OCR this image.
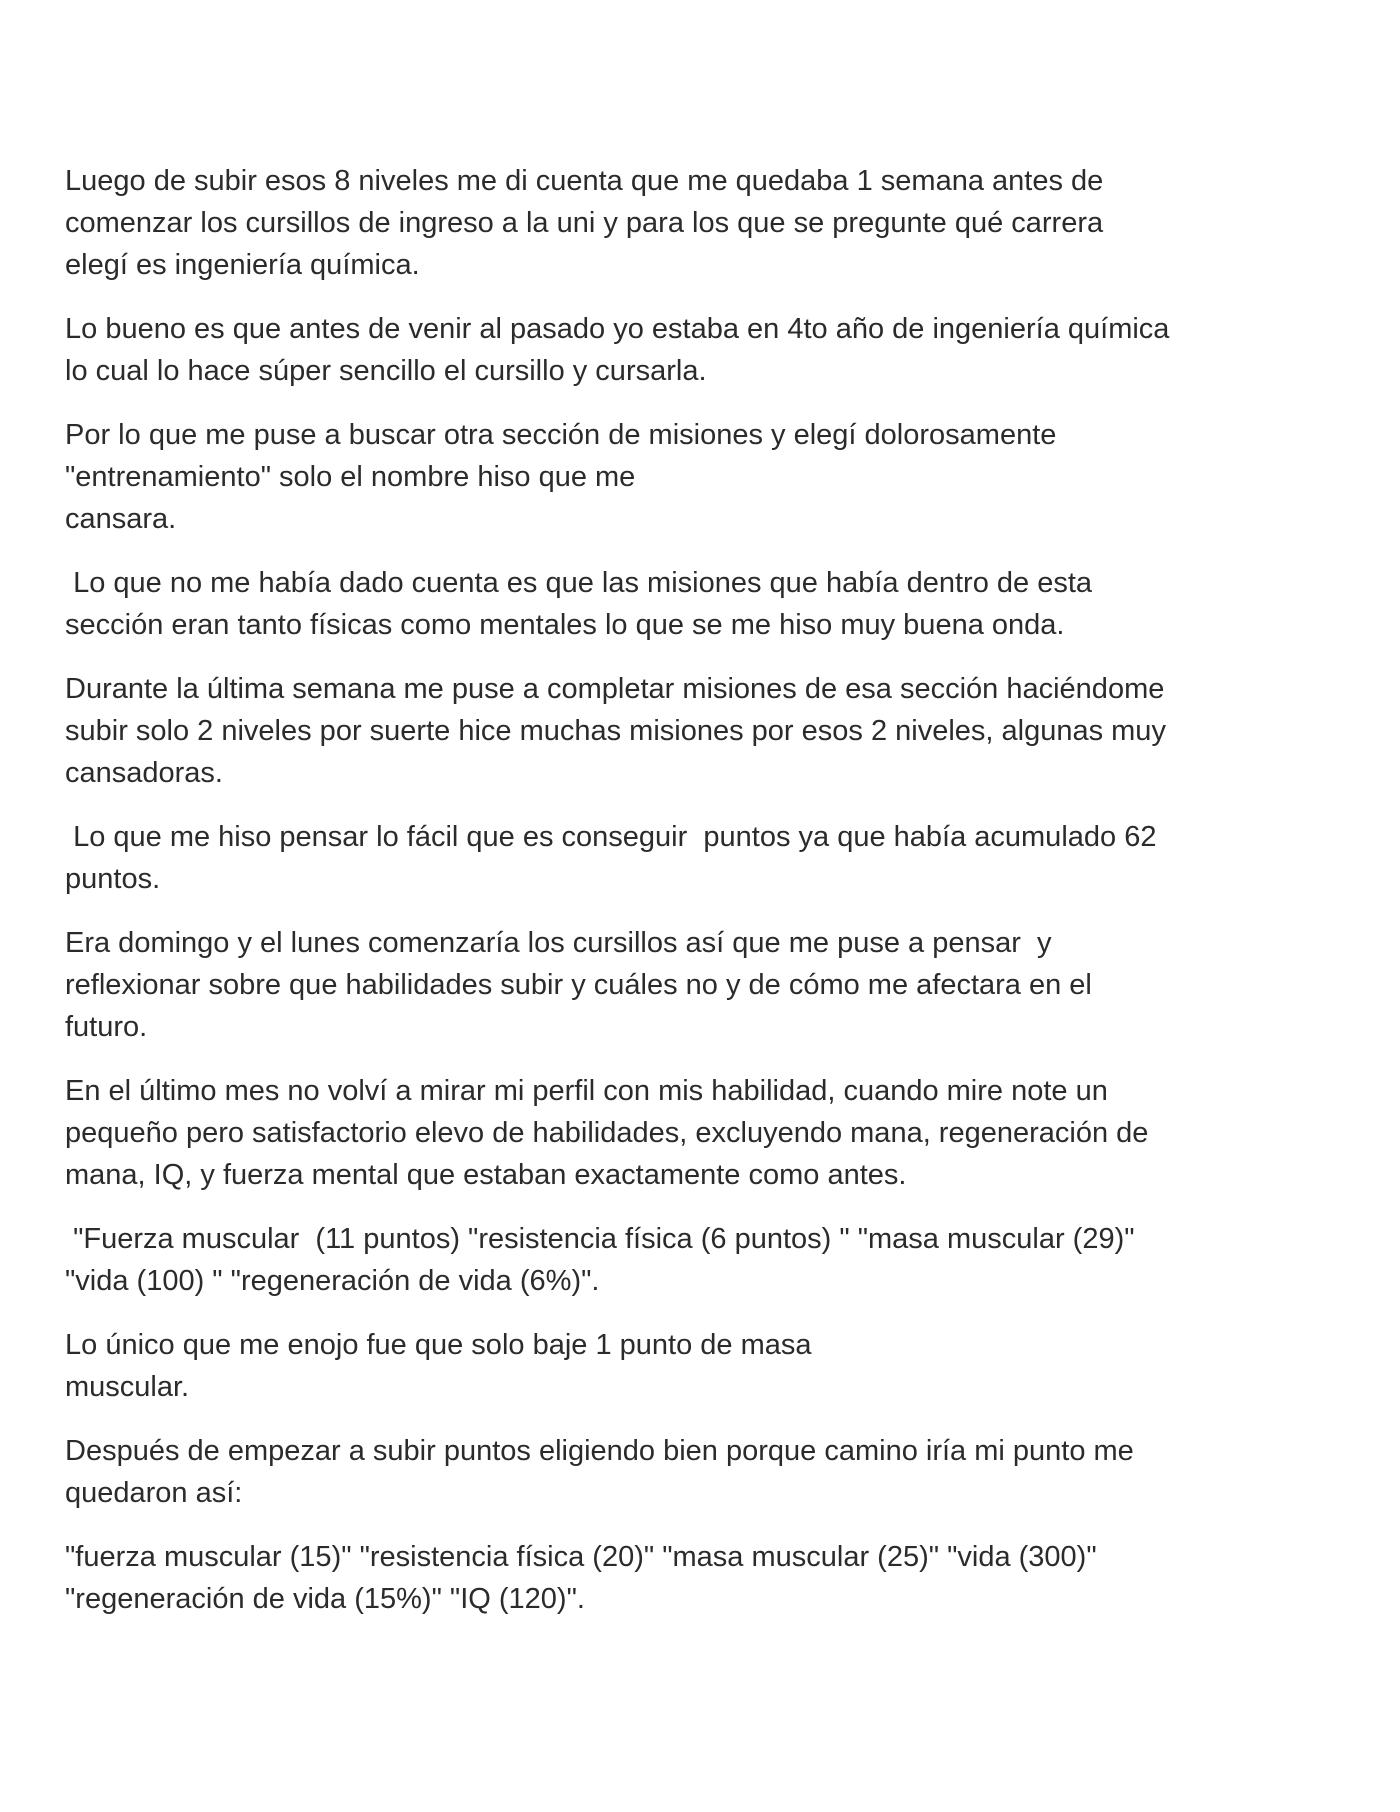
Luego de subir esos 8 niveles me di cuenta que me quedaba 1 semana antes de
comenzar los cursillos de ingreso a la uni y para los que se pregunte qué carrera
elegí es ingeniería química.

Lo bueno es que antes de venir al pasado yo estaba en 4to año de ingeniería química
lo cual lo hace súper sencillo el cursillo y cursarla.

Por lo que me puse a buscar otra sección de misiones y elegí dolorosamente
"entrenamiento" solo el nombre hiso que me
cansara.

Lo que no me había dado cuenta es que las misiones que había dentro de esta
sección eran tanto físicas como mentales lo que se me hiso muy buena onda.

Durante la última semana me puse a completar misiones de esa sección haciéndome
subir solo 2 niveles por suerte hice muchas misiones por esos 2 niveles, algunas muy
cansadoras.

Lo que me hiso pensar lo fácil que es conseguir  puntos ya que había acumulado 62
puntos.

Era domingo y el lunes comenzaría los cursillos así que me puse a pensar  y
reflexionar sobre que habilidades subir y cuáles no y de cómo me afectara en el
futuro.

En el último mes no volví a mirar mi perfil con mis habilidad, cuando mire note un
pequeño pero satisfactorio elevo de habilidades, excluyendo mana, regeneración de
mana, IQ, y fuerza mental que estaban exactamente como antes.

"Fuerza muscular  (11 puntos) "resistencia física (6 puntos) " "masa muscular (29)"
"vida (100) " "regeneración de vida (6%)".

Lo único que me enojo fue que solo baje 1 punto de masa
muscular.

Después de empezar a subir puntos eligiendo bien porque camino iría mi punto me
quedaron así:

"fuerza muscular (15)" "resistencia física (20)" "masa muscular (25)" "vida (300)"
"regeneración de vida (15%)" "IQ (120)".
